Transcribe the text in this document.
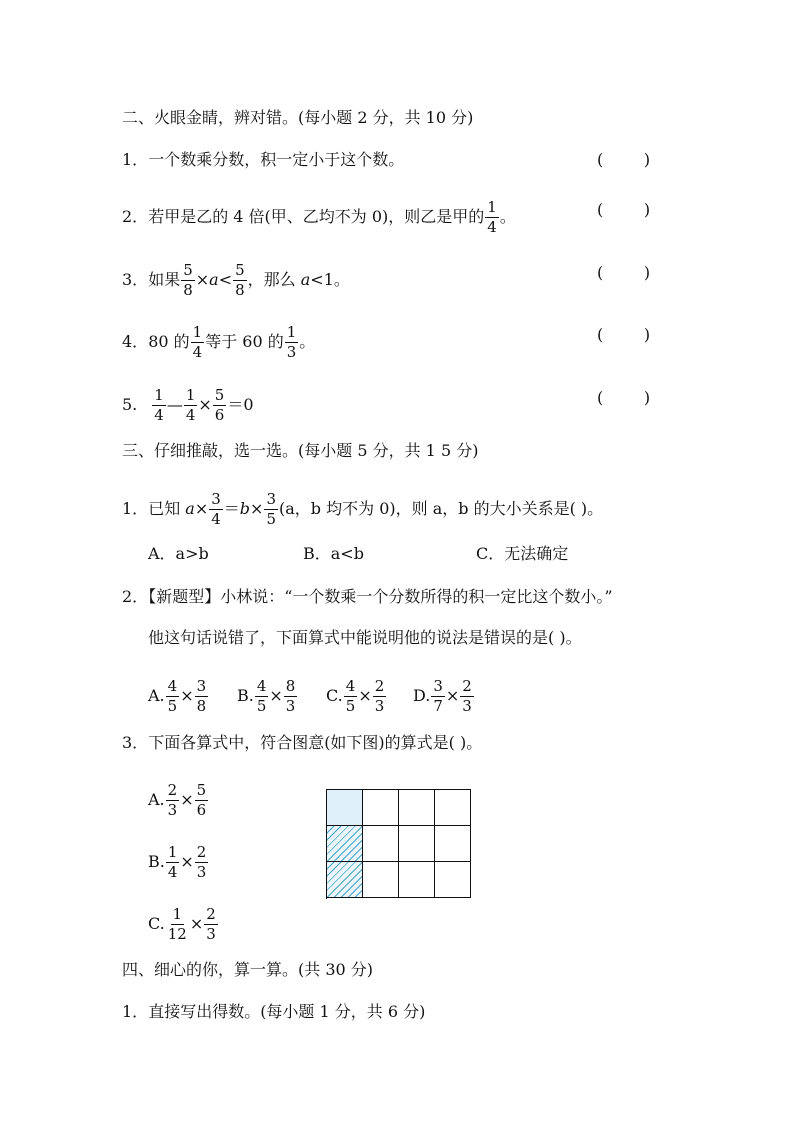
二、火眼金睛，辨对错。(每小题 2 分，共 10 分)
1．一个数乘分数，积一定小于这个数。	(        )
2．若甲是乙的 4 倍(甲、乙均不为 0)，则乙是甲的 $\frac{1}{4}$ 。	(        )
3．如果 $\frac{5}{8} \times a< \frac{5}{8}$ ，那么 a<1。	(        )
4．80 的 $\frac{1}{4}$ 等于 60 的 $\frac{1}{3}$ 。	(        )
5. $\frac{1}{4}$ — $\frac{1}{4} \times \frac{5}{6} =0$	(        )
三、仔细推敲，选一选。(每小题 5 分，共 1 5 分)
1．已知 $a\times \frac{3}{4} =b\times \frac{3}{5} (a$，b 均不为 0)，则 a，b 的大小关系是( )。
A．a>b	B．a<b	C．无法确定
2．【新题型】小林说：“一个数乘一个分数所得的积一定比这个数小。”
他这句话说错了，下面算式中能说明他的说法是错误的是( )。
A. $\frac{4}{5} \times \frac{3}{8} B$. $\frac{4}{5} \times \frac{8}{3} C$. $\frac{4}{5} \times \frac{2}{3} D$. $\frac{3}{7} \times \frac{2}{3}$
3．下面各算式中，符合图意(如下图)的算式是( )。
A. $\frac{2}{3} \times \frac{5}{6}$
B. $\frac{1}{4} \times \frac{2}{3}$
C. $\frac{1}{12} \times \frac{2}{3}$
四、细心的你，算一算。(共 30 分)
1．直接写出得数。(每小题 1 分，共 6 分)
